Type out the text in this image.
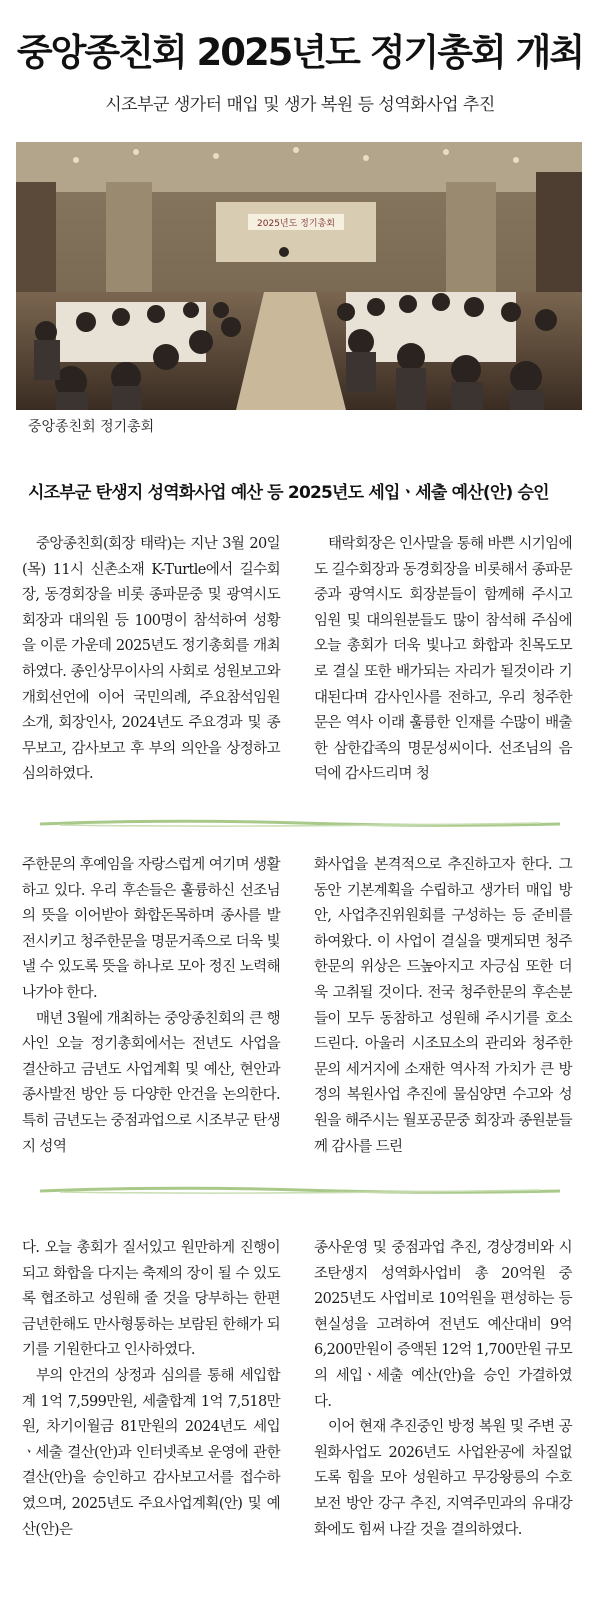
중앙종친회 2025년도 정기총회 개최
시조부군 생가터 매입 및 생가 복원 등 성역화사업 추진
2025년도 정기총회
중앙종친회 정기총회
시조부군 탄생지 성역화사업 예산 등 2025년도 세입ㆍ세출 예산(안) 승인

중앙종친회(회장 태락)는 지난 3월 20일(목) 11시 신촌소재 K-Turtle에서 길수회장, 동경회장을 비롯 종파문중 및 광역시도회장과 대의원 등 100명이 참석하여 성황을 이룬 가운데 2025년도 정기총회를 개최하였다. 종인상무이사의 사회로 성원보고와 개회선언에 이어 국민의례, 주요참석임원 소개, 회장인사, 2024년도 주요경과 및 종무보고, 감사보고 후 부의 의안을 상정하고 심의하였다.

태락회장은 인사말을 통해 바쁜 시기임에도 길수회장과 동경회장을 비롯해서 종파문중과 광역시도 회장분들이 함께해 주시고 임원 및 대의원분들도 많이 참석해 주심에 오늘 총회가 더욱 빛나고 화합과 친목도모로 결실 또한 배가되는 자리가 될것이라 기대된다며 감사인사를 전하고, 우리 청주한문은 역사 이래 훌륭한 인재를 수많이 배출한 삼한갑족의 명문성씨이다. 선조님의 음덕에 감사드리며 청

주한문의 후예임을 자랑스럽게 여기며 생활하고 있다. 우리 후손들은 훌륭하신 선조님의 뜻을 이어받아 화합돈목하며 종사를 발전시키고 청주한문을 명문거족으로 더욱 빛낼 수 있도록 뜻을 하나로 모아 정진 노력해 나가야 한다.

매년 3월에 개최하는 중앙종친회의 큰 행사인 오늘 정기총회에서는 전년도 사업을 결산하고 금년도 사업계획 및 예산, 현안과 종사발전 방안 등 다양한 안건을 논의한다. 특히 금년도는 중점과업으로 시조부군 탄생지 성역

화사업을 본격적으로 추진하고자 한다. 그동안 기본계획을 수립하고 생가터 매입 방안, 사업추진위원회를 구성하는 등 준비를 하여왔다. 이 사업이 결실을 맺게되면 청주한문의 위상은 드높아지고 자긍심 또한 더욱 고취될 것이다. 전국 청주한문의 후손분들이 모두 동참하고 성원해 주시기를 호소드린다. 아울러 시조묘소의 관리와 청주한문의 세거지에 소재한 역사적 가치가 큰 방정의 복원사업 추진에 물심양면 수고와 성원을 해주시는 월포공문중 회장과 종원분들께 감사를 드린

다. 오늘 총회가 질서있고 원만하게 진행이 되고 화합을 다지는 축제의 장이 될 수 있도록 협조하고 성원해 줄 것을 당부하는 한편 금년한해도 만사형통하는 보람된 한해가 되기를 기원한다고 인사하였다.

부의 안건의 상정과 심의를 통해 세입합계 1억 7,599만원, 세출합계 1억 7,518만원, 차기이월금 81만원의 2024년도 세입ㆍ세출 결산(안)과 인터넷족보 운영에 관한 결산(안)을 승인하고 감사보고서를 접수하였으며, 2025년도 주요사업계획(안) 및 예산(안)은

종사운영 및 중점과업 추진, 경상경비와 시조탄생지 성역화사업비 총 20억원 중 2025년도 사업비로 10억원을 편성하는 등 현실성을 고려하여 전년도 예산대비 9억 6,200만원이 증액된 12억 1,700만원 규모의 세입ㆍ세출 예산(안)을 승인 가결하였다.

이어 현재 추진중인 방정 복원 및 주변 공원화사업도 2026년도 사업완공에 차질없도록 힘을 모아 성원하고 무강왕릉의 수호 보전 방안 강구 추진, 지역주민과의 유대강화에도 힘써 나갈 것을 결의하였다.
